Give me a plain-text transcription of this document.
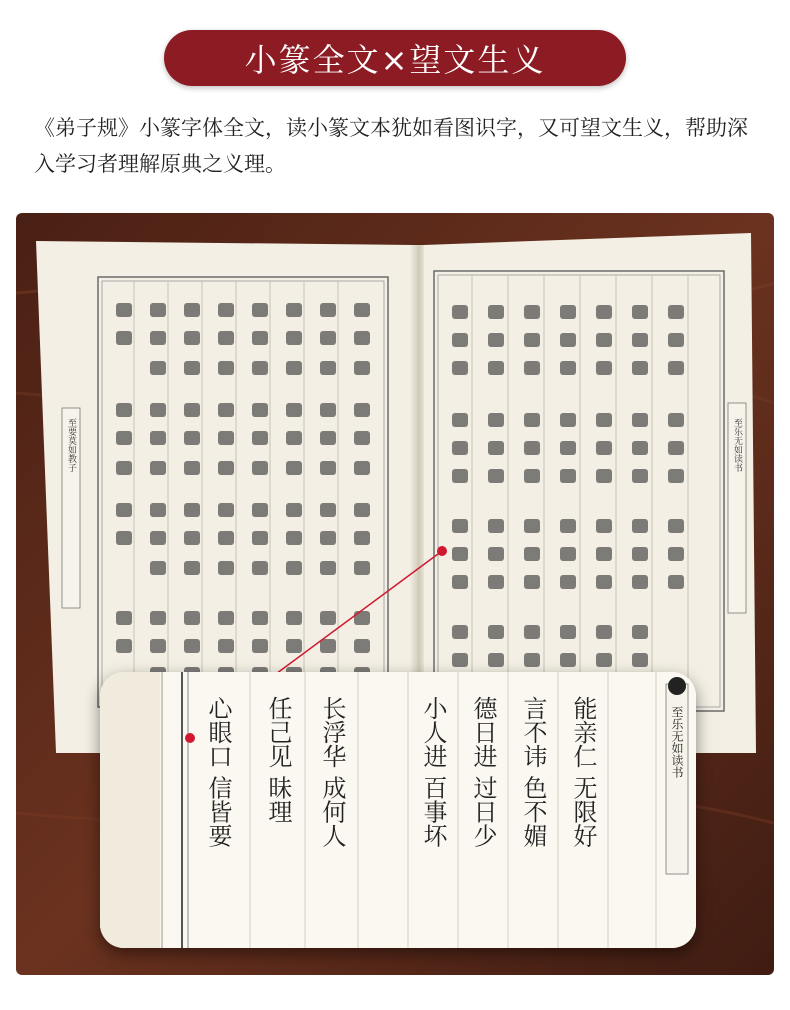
小篆全文×望文生义
《弟子规》小篆字体全文，读小篆文本犹如看图识字，又可望文生义，帮助深入学习者理解原典之义理。
至要莫如教子	至乐无如读书
心眼口 信皆要 任己见 昧理 长浮华 成何人	小人进 百事坏 德日进 过日少 言不讳 色不媚 能亲仁 无限好	至乐无如读书
